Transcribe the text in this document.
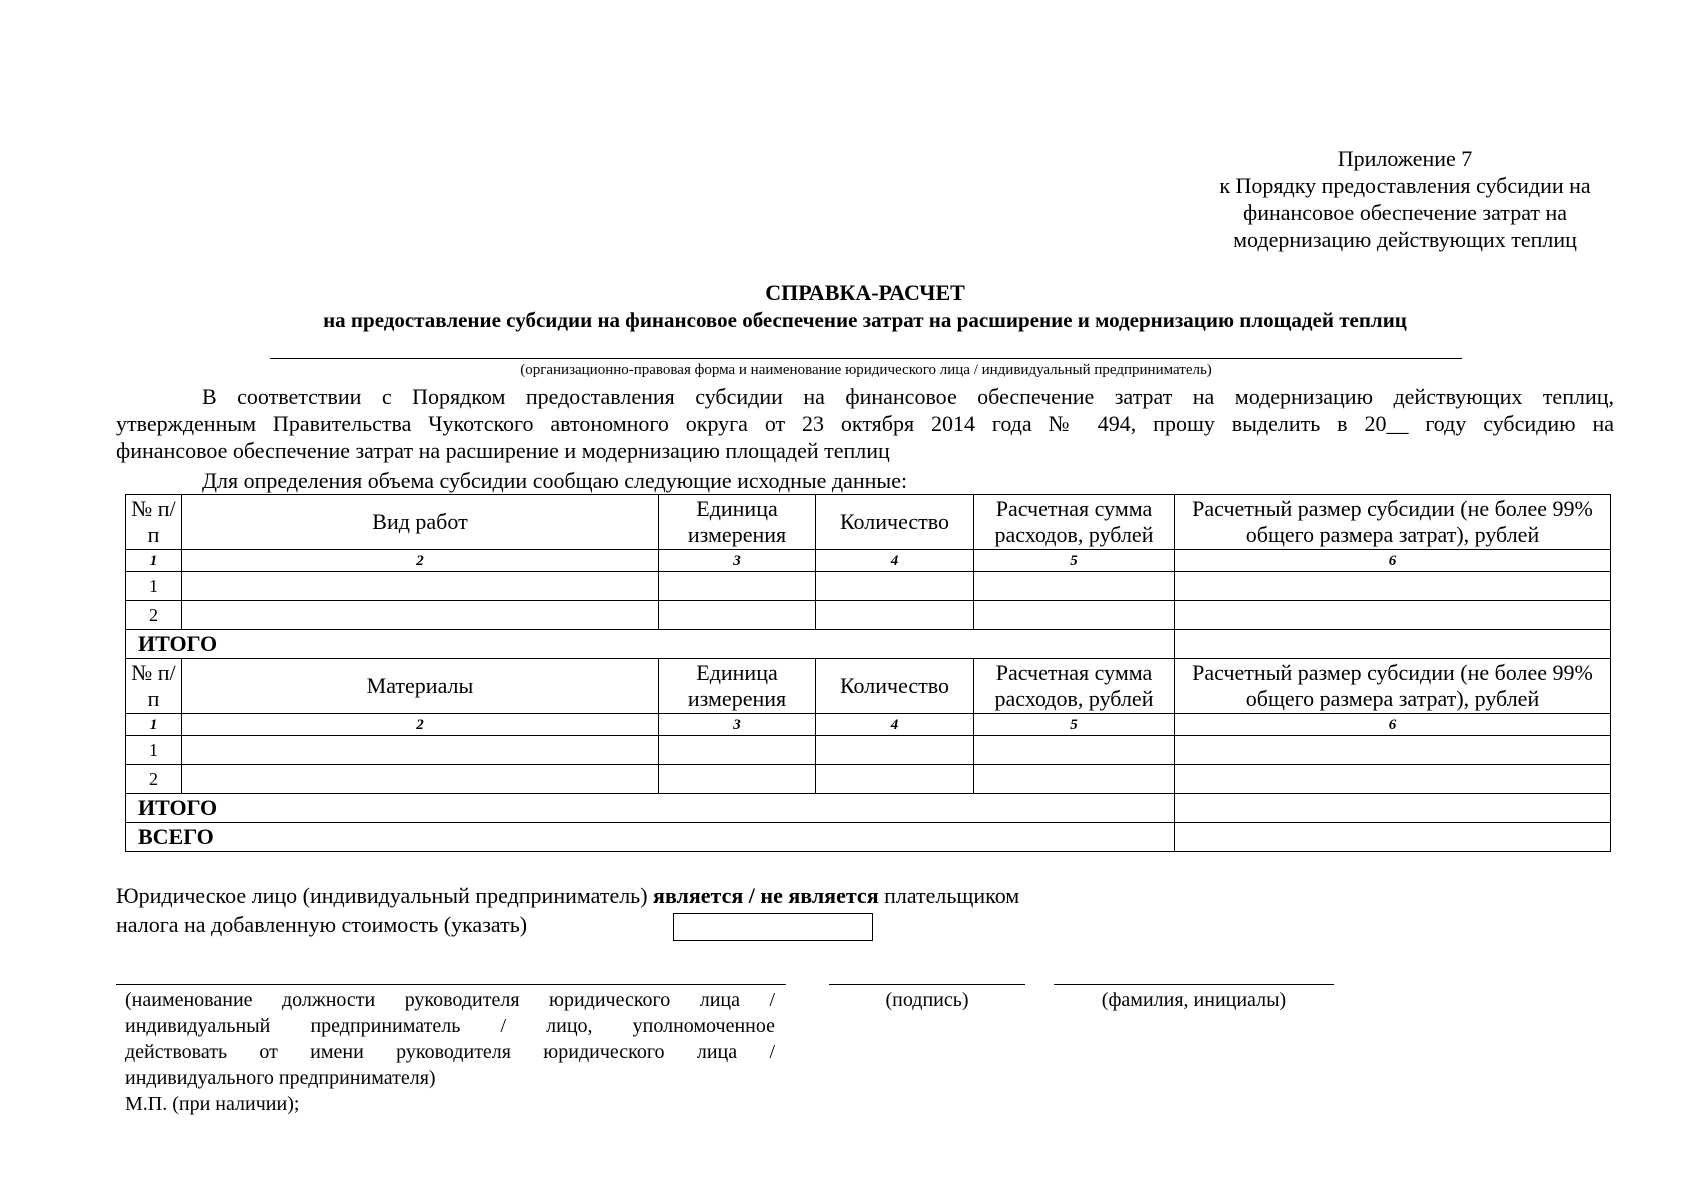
Приложение 7
к Порядку предоставления субсидии на
финансовое обеспечение затрат на
модернизацию действующих теплиц
СПРАВКА-РАСЧЕТ
на предоставление субсидии на финансовое обеспечение затрат на расширение и модернизацию площадей теплиц
(организационно-правовая форма и наименование юридического лица / индивидуальный предприниматель)

В соответствии с Порядком предоставления субсидии на финансовое обеспечение затрат на модернизацию действующих теплиц,

утвержденным Правительства Чукотского автономного округа от 23 октября 2014 года № 494, прошу выделить в 20__ году субсидию на

финансовое обеспечение затрат на расширение и модернизацию площадей теплиц

Для определения объема субсидии сообщаю следующие исходные данные:
№ п/п	Вид работ	Единица измерения	Количество	Расчетная сумма расходов, рублей	Расчетный размер субсидии (не более 99% общего размера затрат), рублей
1	2	3	4	5	6
1					
2					
ИТОГО					
№ п/п	Материалы	Единица измерения	Количество	Расчетная сумма расходов, рублей	Расчетный размер субсидии (не более 99% общего размера затрат), рублей
1	2	3	4	5	6
1					
2					
ИТОГО					
ВСЕГО					
Юридическое лицо (индивидуальный предприниматель) является / не является плательщиком
налога на добавленную стоимость (указать)
(наименование должности руководителя юридического лица /
индивидуальный предприниматель / лицо, уполномоченное
действовать от имени руководителя юридического лица /
индивидуального предпринимателя)
(подпись)	(фамилия, инициалы)
М.П. (при наличии);
